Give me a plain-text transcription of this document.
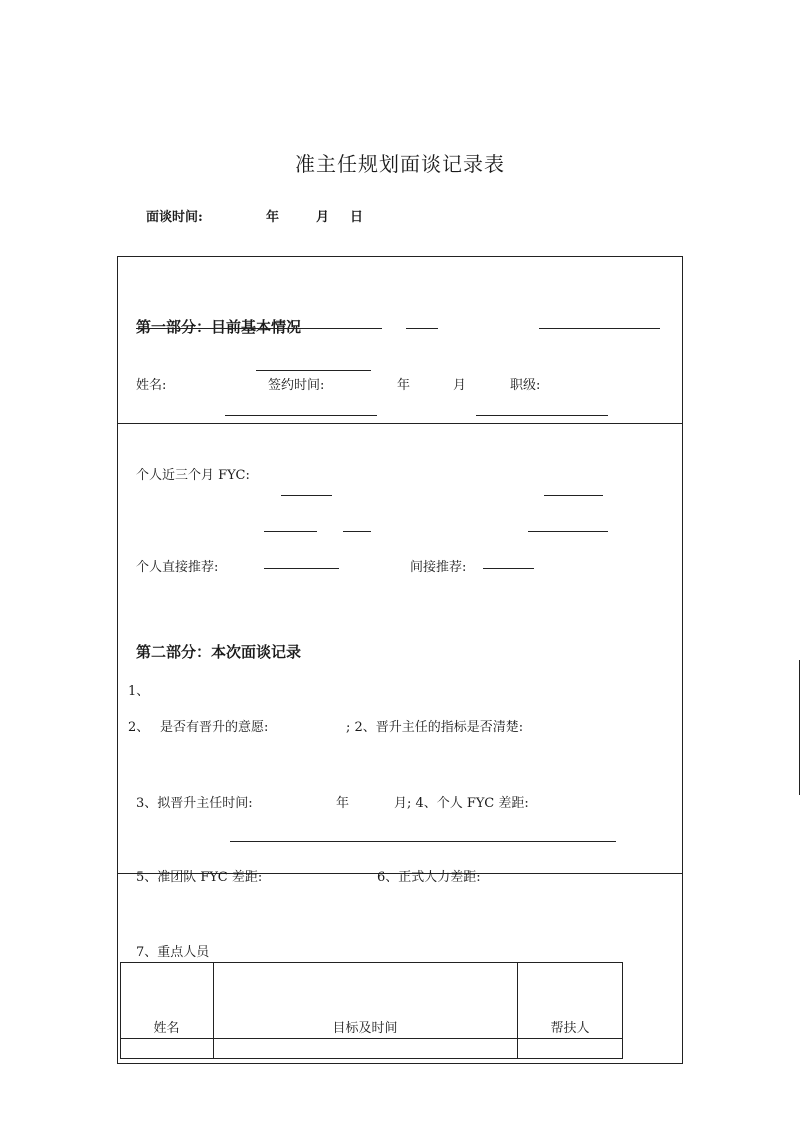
准主任规划面谈记录表
面谈时间:	年	月 日
第一部分：目前基本情况
姓名:	签约时间:	年	月	职级:
个人近三个月 FYC:
个人直接推荐:	间接推荐:
第二部分：本次面谈记录
1、
2、 是否有晋升的意愿:	; 2、晋升主任的指标是否清楚:
3、拟晋升主任时间:	年	月; 4、个人 FYC 差距:
5、准团队 FYC 差距:	6、正式人力差距:
7、重点人员
姓名	目标及时间	帮扶人
